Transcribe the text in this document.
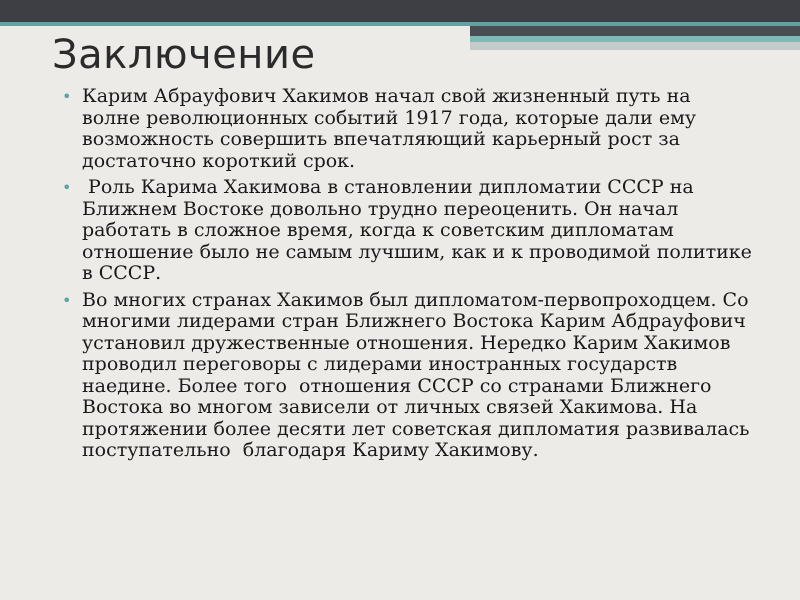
Заключение
• Карим Абрауфович Хакимов начал свой жизненный путь на волне революционных событий 1917 года, которые дали ему возможность совершить впечатляющий карьерный рост за достаточно короткий срок.
• Роль Карима Хакимова в становлении дипломатии СССР на Ближнем Востоке довольно трудно переоценить. Он начал работать в сложное время, когда к советским дипломатам отношение было не самым лучшим, как и к проводимой политике в СССР.
• Во многих странах Хакимов был дипломатом-первопроходцем. Со многими лидерами стран Ближнего Востока Карим Абдрауфович установил дружественные отношения. Нередко Карим Хакимов проводил переговоры с лидерами иностранных государств наедине. Более того  отношения СССР со странами Ближнего Востока во многом зависели от личных связей Хакимова. На протяжении более десяти лет советская дипломатия развивалась поступательно  благодаря Кариму Хакимову.
